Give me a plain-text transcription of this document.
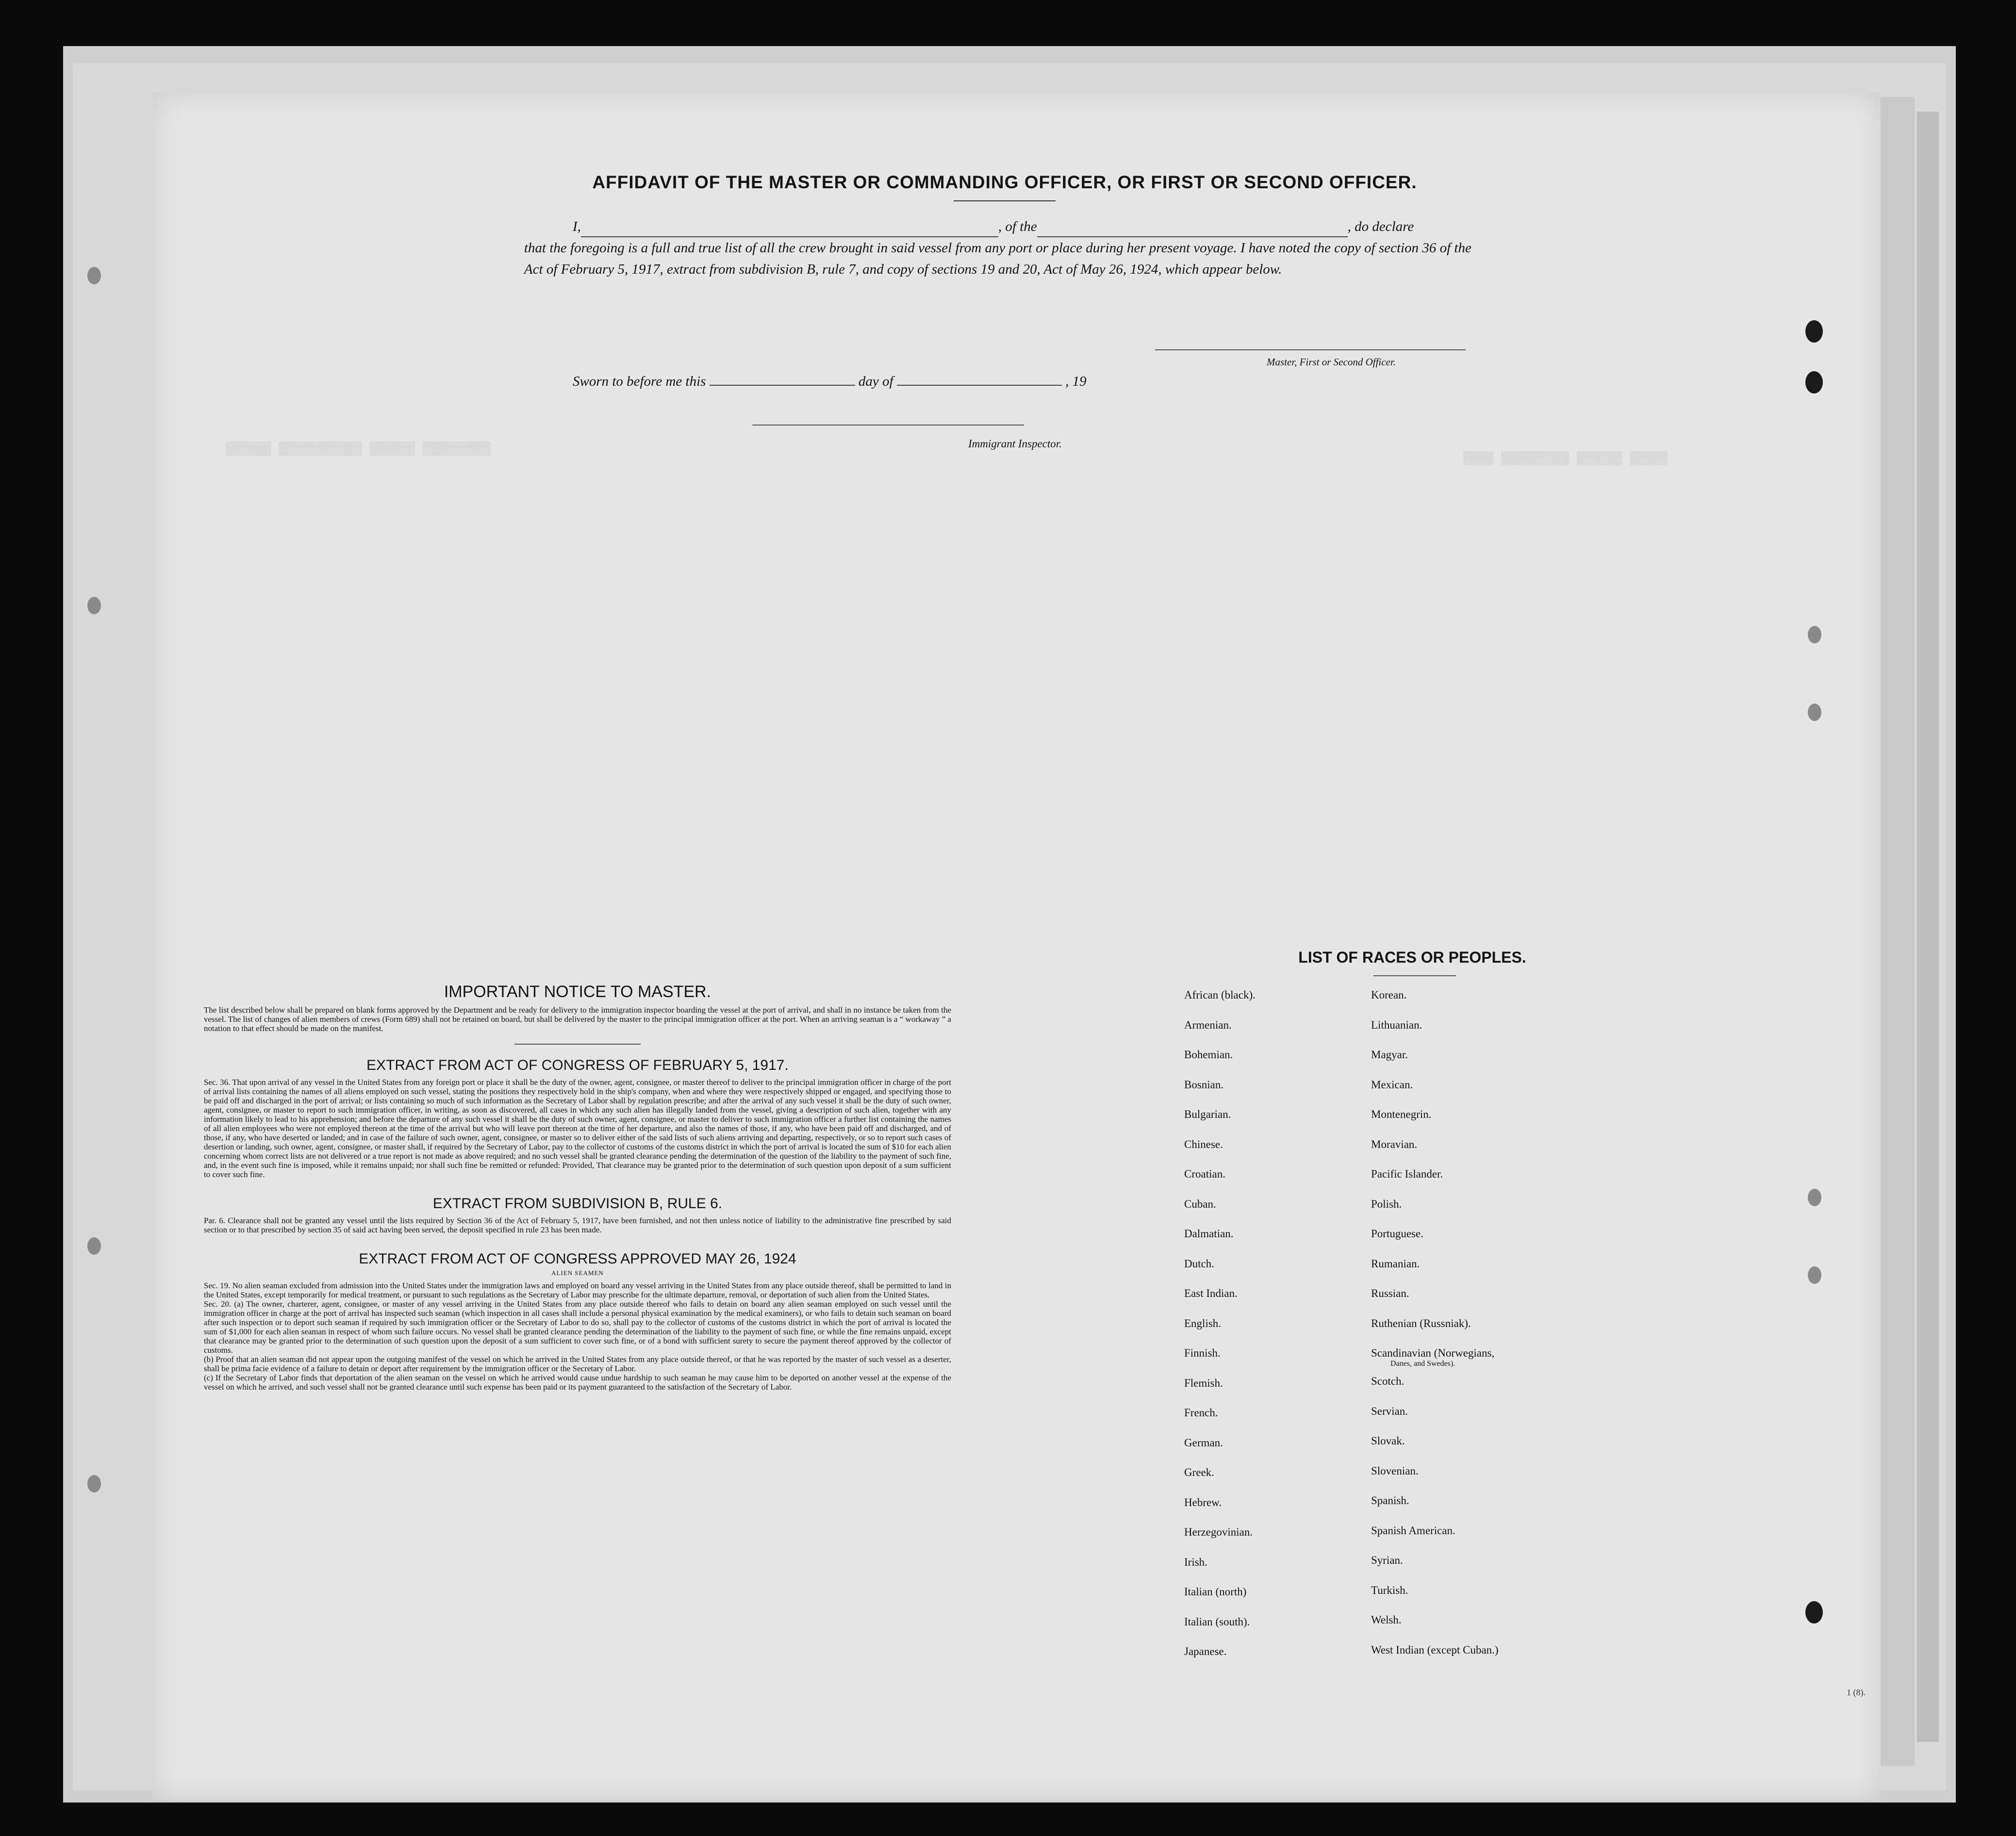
▒▒▒▒▒▒ ▒▒▒▒▒▒▒▒▒▒▒ ▒▒▒▒▒▒ ▒▒▒▒▒▒▒▒▒
▒▒▒▒ ▒▒▒▒▒▒▒▒▒ ▒▒▒▒▒▒ ▒▒▒▒▒
AFFIDAVIT OF THE MASTER OR COMMANDING OFFICER, OR FIRST OR SECOND OFFICER.
I,	, of the	, do declare
that the foregoing is a full and true list of all the crew brought in said vessel from any port or place during her present voyage. I have noted the copy of section 36 of the Act of February 5, 1917, extract from subdivision B, rule 7, and copy of sections 19 and 20, Act of May 26, 1924, which appear below.
Master, First or Second Officer.
Sworn to before me this	day of	, 19
Immigrant Inspector.
IMPORTANT NOTICE TO MASTER.

The list described below shall be prepared on blank forms approved by the Department and be ready for delivery to the immigration inspector boarding the vessel at the port of arrival, and shall in no instance be taken from the vessel. The list of changes of alien members of crews (Form 689) shall not be retained on board, but shall be delivered by the master to the principal immigration officer at the port. When an arriving seaman is a “ workaway ” a notation to that effect should be made on the manifest.

EXTRACT FROM ACT OF CONGRESS OF FEBRUARY 5, 1917.

Sec. 36. That upon arrival of any vessel in the United States from any foreign port or place it shall be the duty of the owner, agent, consignee, or master thereof to deliver to the principal immigration officer in charge of the port of arrival lists containing the names of all aliens employed on such vessel, stating the positions they respectively hold in the ship's company, when and where they were respectively shipped or engaged, and specifying those to be paid off and discharged in the port of arrival; or lists containing so much of such information as the Secretary of Labor shall by regulation prescribe; and after the arrival of any such vessel it shall be the duty of such owner, agent, consignee, or master to report to such immigration officer, in writing, as soon as discovered, all cases in which any such alien has illegally landed from the vessel, giving a description of such alien, together with any information likely to lead to his apprehension; and before the departure of any such vessel it shall be the duty of such owner, agent, consignee, or master to deliver to such immigration officer a further list containing the names of all alien employees who were not employed thereon at the time of the arrival but who will leave port thereon at the time of her departure, and also the names of those, if any, who have been paid off and discharged, and of those, if any, who have deserted or landed; and in case of the failure of such owner, agent, consignee, or master so to deliver either of the said lists of such aliens arriving and departing, respectively, or so to report such cases of desertion or landing, such owner, agent, consignee, or master shall, if required by the Secretary of Labor, pay to the collector of customs of the customs district in which the port of arrival is located the sum of $10 for each alien concerning whom correct lists are not delivered or a true report is not made as above required; and no such vessel shall be granted clearance pending the determination of the question of the liability to the payment of such fine, and, in the event such fine is imposed, while it remains unpaid; nor shall such fine be remitted or refunded: Provided, That clearance may be granted prior to the determination of such question upon deposit of a sum sufficient to cover such fine.

EXTRACT FROM SUBDIVISION B, RULE 6.

Par. 6. Clearance shall not be granted any vessel until the lists required by Section 36 of the Act of February 5, 1917, have been furnished, and not then unless notice of liability to the administrative fine prescribed by said section or to that prescribed by section 35 of said act having been served, the deposit specified in rule 23 has been made.

EXTRACT FROM ACT OF CONGRESS APPROVED MAY 26, 1924
ALIEN SEAMEN

Sec. 19. No alien seaman excluded from admission into the United States under the immigration laws and employed on board any vessel arriving in the United States from any place outside thereof, shall be permitted to land in the United States, except temporarily for medical treatment, or pursuant to such regulations as the Secretary of Labor may prescribe for the ultimate departure, removal, or deportation of such alien from the United States.

Sec. 20. (a) The owner, charterer, agent, consignee, or master of any vessel arriving in the United States from any place outside thereof who fails to detain on board any alien seaman employed on such vessel until the immigration officer in charge at the port of arrival has inspected such seaman (which inspection in all cases shall include a personal physical examination by the medical examiners), or who fails to detain such seaman on board after such inspection or to deport such seaman if required by such immigration officer or the Secretary of Labor to do so, shall pay to the collector of customs of the customs district in which the port of arrival is located the sum of $1,000 for each alien seaman in respect of whom such failure occurs. No vessel shall be granted clearance pending the determination of the liability to the payment of such fine, or while the fine remains unpaid, except that clearance may be granted prior to the determination of such question upon the deposit of a sum sufficient to cover such fine, or of a bond with sufficient surety to secure the payment thereof approved by the collector of customs.

(b) Proof that an alien seaman did not appear upon the outgoing manifest of the vessel on which he arrived in the United States from any place outside thereof, or that he was reported by the master of such vessel as a deserter, shall be prima facie evidence of a failure to detain or deport after requirement by the immigration officer or the Secretary of Labor.

(c) If the Secretary of Labor finds that deportation of the alien seaman on the vessel on which he arrived would cause undue hardship to such seaman he may cause him to be deported on another vessel at the expense of the vessel on which he arrived, and such vessel shall not be granted clearance until such expense has been paid or its payment guaranteed to the satisfaction of the Secretary of Labor.

LIST OF RACES OR PEOPLES.
African (black).
Armenian.
Bohemian.
Bosnian.
Bulgarian.
Chinese.
Croatian.
Cuban.
Dalmatian.
Dutch.
East Indian.
English.
Finnish.
Flemish.
French.
German.
Greek.
Hebrew.
Herzegovinian.
Irish.
Italian (north)
Italian (south).
Japanese.
Korean.
Lithuanian.
Magyar.
Mexican.
Montenegrin.
Moravian.
Pacific Islander.
Polish.
Portuguese.
Rumanian.
Russian.
Ruthenian (Russniak).
Scandinavian (Norwegians,
Danes, and Swedes).
Scotch.
Servian.
Slovak.
Slovenian.
Spanish.
Spanish American.
Syrian.
Turkish.
Welsh.
West Indian (except Cuban.)
1 (8).
